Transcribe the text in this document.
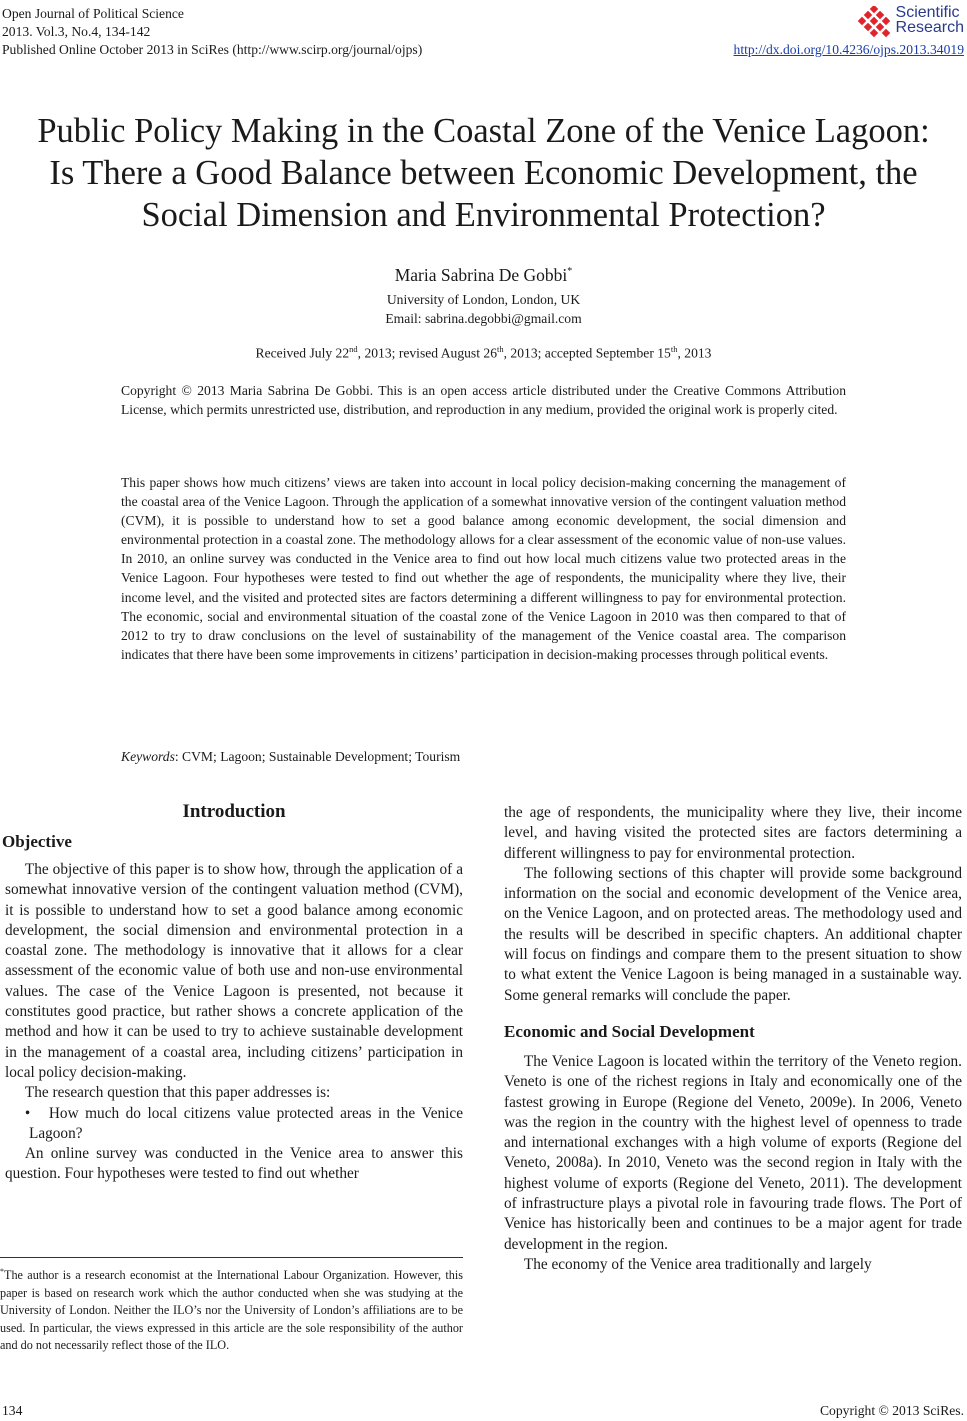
Open Journal of Political Science
2013. Vol.3, No.4, 134-142
Published Online October 2013 in SciRes (http://www.scirp.org/journal/ojps)
Scientific
Research
http://dx.doi.org/10.4236/ojps.2013.34019
Public Policy Making in the Coastal Zone of the Venice Lagoon:
Is There a Good Balance between Economic Development, the
Social Dimension and Environmental Protection?
Maria Sabrina De Gobbi*
University of London, London, UK
Email: sabrina.degobbi@gmail.com
Received July 22nd, 2013; revised August 26th, 2013; accepted September 15th, 2013
Copyright © 2013 Maria Sabrina De Gobbi. This is an open access article distributed under the Creative Commons Attribution License, which permits unrestricted use, distribution, and reproduction in any medium, provided the original work is properly cited.
This paper shows how much citizens’ views are taken into account in local policy decision-making concerning the management of the coastal area of the Venice Lagoon. Through the application of a somewhat innovative version of the contingent valuation method (CVM), it is possible to understand how to set a good balance among economic development, the social dimension and environmental protection in a coastal zone. The methodology allows for a clear assessment of the economic value of non-use values. In 2010, an online survey was conducted in the Venice area to find out how local much citizens value two protected areas in the Venice Lagoon. Four hypotheses were tested to find out whether the age of respondents, the municipality where they live, their income level, and the visited and protected sites are factors determining a different willingness to pay for environmental protection. The economic, social and environmental situation of the coastal zone of the Venice Lagoon in 2010 was then compared to that of 2012 to try to draw conclusions on the level of sustainability of the management of the Venice coastal area. The comparison indicates that there have been some improvements in citizens’ participation in decision-making processes through political events.
Keywords: CVM; Lagoon; Sustainable Development; Tourism
Introduction
Objective

The objective of this paper is to show how, through the application of a somewhat innovative version of the contingent valuation method (CVM), it is possible to understand how to set a good balance among economic development, the social dimension and environmental protection in a coastal zone. The methodology is innovative that it allows for a clear assessment of the economic value of both use and non-use environmental values. The case of the Venice Lagoon is presented, not because it constitutes good practice, but rather shows a concrete application of the method and how it can be used to try to achieve sustainable development in the management of a coastal area, including citizens’ participation in local policy decision-making.

The research question that this paper addresses is:

•	How much do local citizens value protected areas in the Venice Lagoon?

An online survey was conducted in the Venice area to answer this question. Four hypotheses were tested to find out whether

*The author is a research economist at the International Labour Organization. However, this paper is based on research work which the author conducted when she was studying at the University of London. Neither the ILO’s nor the University of London’s affiliations are to be used. In particular, the views expressed in this article are the sole responsibility of the author and do not necessarily reflect those of the ILO.

the age of respondents, the municipality where they live, their income level, and having visited the protected sites are factors determining a different willingness to pay for environmental protection.

The following sections of this chapter will provide some background information on the social and economic development of the Venice area, on the Venice Lagoon, and on protected areas. The methodology used and the results will be described in specific chapters. An additional chapter will focus on findings and compare them to the present situation to show to what extent the Venice Lagoon is being managed in a sustainable way. Some general remarks will conclude the paper.

Economic and Social Development

The Venice Lagoon is located within the territory of the Veneto region. Veneto is one of the richest regions in Italy and economically one of the fastest growing in Europe (Regione del Veneto, 2009e). In 2006, Veneto was the region in the country with the highest level of openness to trade and international exchanges with a high volume of exports (Regione del Veneto, 2008a). In 2010, Veneto was the second region in Italy with the highest volume of exports (Regione del Veneto, 2011). The development of infrastructure plays a pivotal role in favouring trade flows. The Port of Venice has historically been and continues to be a major agent for trade development in the region.

The economy of the Venice area traditionally and largely

134	Copyright © 2013 SciRes.
